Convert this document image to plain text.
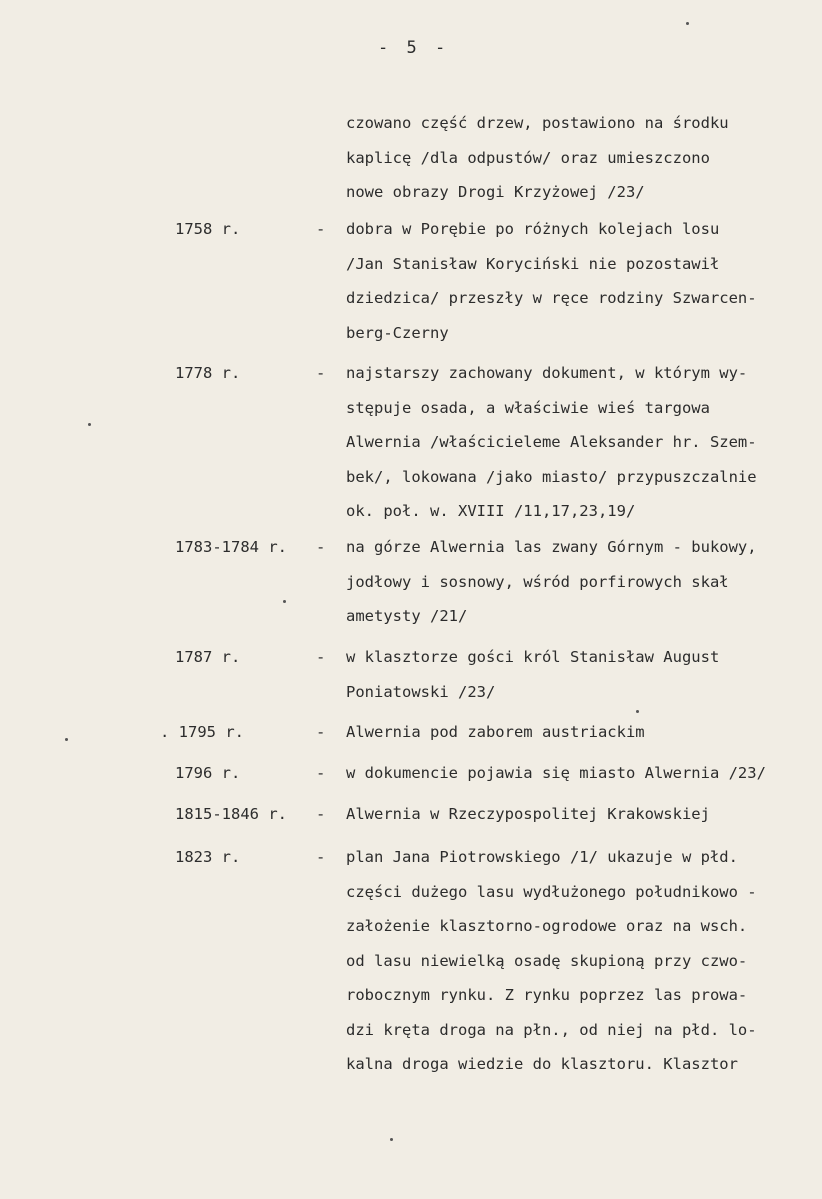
- 5 -
czowano część drzew, postawiono na środku
kaplicę /dla odpustów/ oraz umieszczono
nowe obrazy Drogi Krzyżowej /23/
1758 r.	- dobra w Porębie po różnych kolejach losu
/Jan Stanisław Koryciński nie pozostawił
dziedzica/ przeszły w ręce rodziny Szwarcen-
berg-Czerny
1778 r.	- najstarszy zachowany dokument, w którym wy-
stępuje osada, a właściwie wieś targowa
Alwernia /właścicieleme Aleksander hr. Szem-
bek/, lokowana /jako miasto/ przypuszczalnie
ok. poł. w. XVIII /11,17,23,19/
1783-1784 r. - na górze Alwernia las zwany Górnym - bukowy,
jodłowy i sosnowy, wśród porfirowych skał
ametysty /21/
1787 r.	- w klasztorze gości król Stanisław August
Poniatowski /23/
. 1795 r.	- Alwernia pod zaborem austriackim
1796 r.	- w dokumencie pojawia się miasto Alwernia /23/
1815-1846 r. - Alwernia w Rzeczypospolitej Krakowskiej
1823 r.	- plan Jana Piotrowskiego /1/ ukazuje w płd.
części dużego lasu wydłużonego południkowo -
założenie klasztorno-ogrodowe oraz na wsch.
od lasu niewielką osadę skupioną przy czwo-
robocznym rynku. Z rynku poprzez las prowa-
dzi kręta droga na płn., od niej na płd. lo-
kalna droga wiedzie do klasztoru. Klasztor
